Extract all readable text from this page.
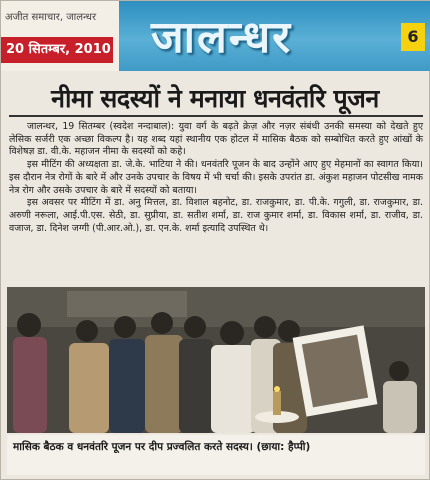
अजीत समाचार, जालन्धर
20 सितम्बर, 2010 जालन्धर	6
नीमा सदस्यों ने मनाया धनवंतरि पूजन

जालन्धर, 19 सितम्बर (स्वदेश नन्दाबाल): युवा वर्ग के बढ़ते क्रेज़ और नज़र संबंधी उनकी समस्या को देखते हुए लेसिक सर्जरी एक अच्छा विकल्प है। यह शब्द यहां स्थानीय एक होटल में मासिक बैठक को सम्बोधित करते हुए आंखों के विशेषज्ञ डा. वी.के. महाजन नीमा के सदस्यों को कहे।

इस मीटिंग की अध्यक्षता डा. जे.के. भाटिया ने की। धनवंतरि पूजन के बाद उन्होंने आए हुए मेहमानों का स्वागत किया। इस दौरान नेत्र रोगों के बारे में और उनके उपचार के विषय में भी चर्चा की। इसके उपरांत डा. अंकुश महाजन पोटसीख नामक नेत्र रोग और उसके उपचार के बारे में सदस्यों को बताया।

इस अवसर पर मीटिंग में डा. अनु मित्तल, डा. विशाल बहनोट, डा. राजकुमार, डा. पी.के. गगुली, डा. राजकुमार, डा. अरुणी नरूला, आई.पी.एस. सेठी, डा. सुप्रीया, डा. सतीश शर्मा, डा. राज कुमार शर्मा, डा. विकास शर्मा, डा. राजीव, डा. वजाज, डा. दिनेश जग्गी (पी.आर.ओ.), डा. एन.के. शर्मा इत्यादि उपस्थित थे।

मासिक बैठक व धनवंतरि पूजन पर दीप प्रज्वलित करते सदस्य। (छाया: हैप्पी)
